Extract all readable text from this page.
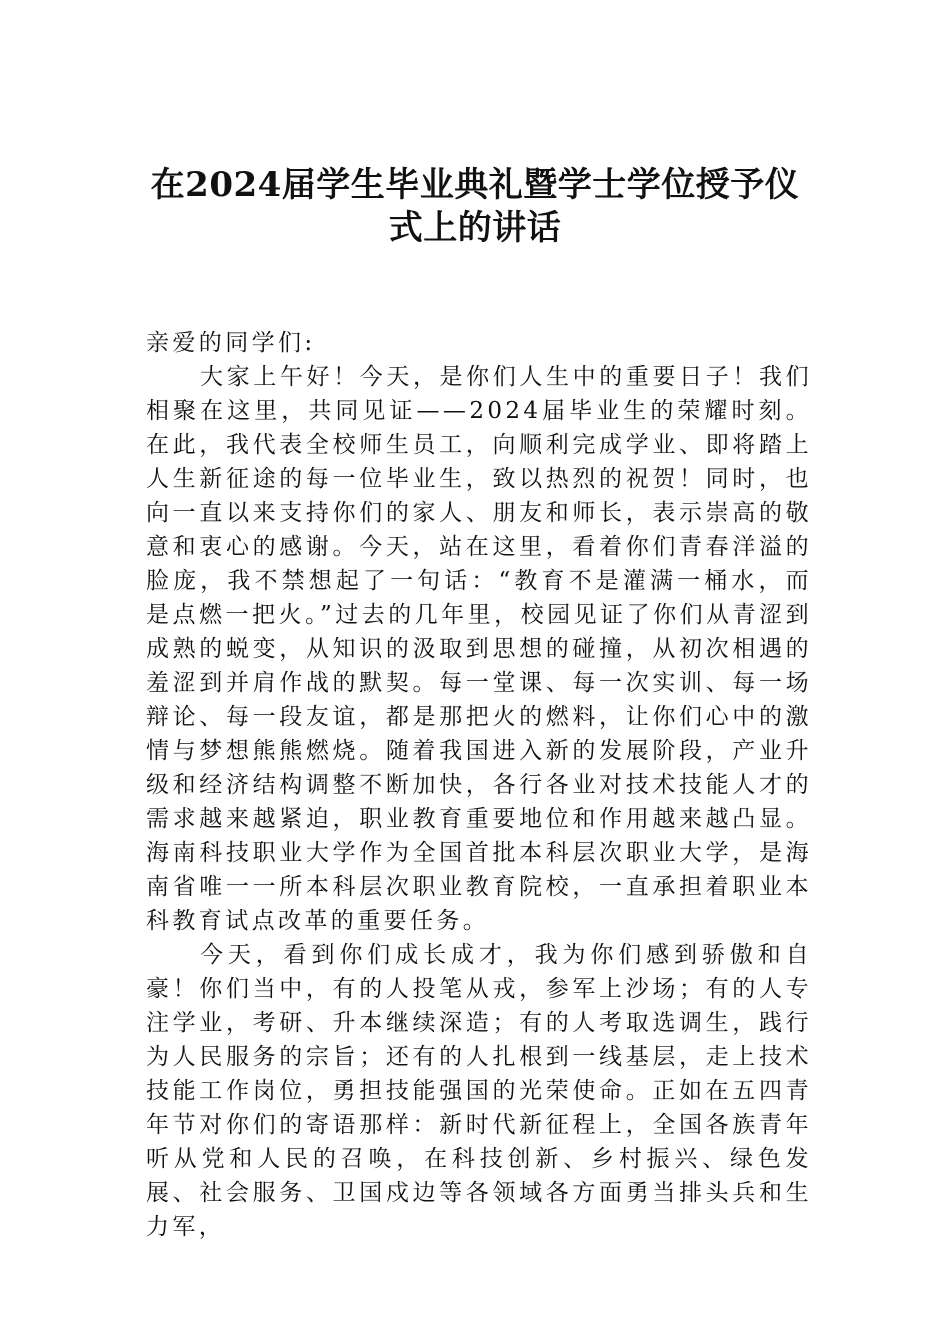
在2024届学生毕业典礼暨学士学位授予仪
式上的讲话

亲爱的同学们:

大家上午好！今天，是你们人生中的重要日子！我们相聚在这里，共同见证——2024届毕业生的荣耀时刻。在此，我代表全校师生员工，向顺利完成学业、即将踏上人生新征途的每一位毕业生，致以热烈的祝贺！同时，也向一直以来支持你们的家人、朋友和师长，表示崇高的敬意和衷心的感谢。今天，站在这里，看着你们青春洋溢的脸庞，我不禁想起了一句话：“教育不是灌满一桶水，而是点燃一把火。”过去的几年里，校园见证了你们从青涩到成熟的蜕变，从知识的汲取到思想的碰撞，从初次相遇的羞涩到并肩作战的默契。每一堂课、每一次实训、每一场辩论、每一段友谊，都是那把火的燃料，让你们心中的激情与梦想熊熊燃烧。随着我国进入新的发展阶段，产业升级和经济结构调整不断加快，各行各业对技术技能人才的需求越来越紧迫，职业教育重要地位和作用越来越凸显。海南科技职业大学作为全国首批本科层次职业大学，是海南省唯一一所本科层次职业教育院校，一直承担着职业本科教育试点改革的重要任务。

今天，看到你们成长成才，我为你们感到骄傲和自豪！你们当中，有的人投笔从戎，参军上沙场；有的人专注学业，考研、升本继续深造；有的人考取选调生，践行为人民服务的宗旨；还有的人扎根到一线基层，走上技术技能工作岗位，勇担技能强国的光荣使命。正如在五四青年节对你们的寄语那样：新时代新征程上，全国各族青年听从党和人民的召唤，在科技创新、乡村振兴、绿色发展、社会服务、卫国戍边等各领域各方面勇当排头兵和生力军，
